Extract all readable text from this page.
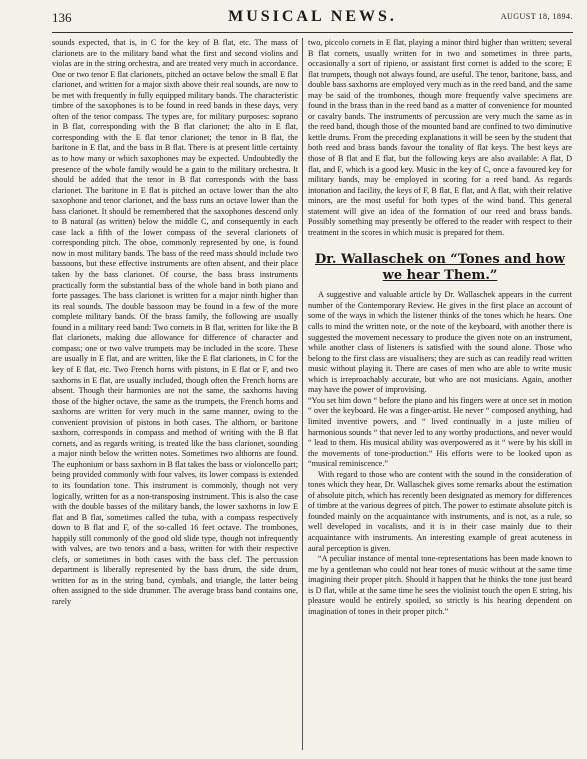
136	MUSICAL NEWS.	AUGUST 18, 1894.

sounds expected, that is, in C for the key of B flat, etc. The mass of clarionets are to the military band what the first and second violins and violas are in the string orchestra, and are treated very much in accordance. One or two tenor E flat clarionets, pitched an octave below the small E flat clarionet, and written for a major sixth above their real sounds, are now to be met with frequently in fully equipped military bands. The characteristic timbre of the saxophones is to be found in reed bands in these days, very often of the tenor compass. The types are, for military purposes: soprano in B flat, corresponding with the B flat clarionet; the alto in E flat, corresponding with the E flat tenor clarionet; the tenor in B flat, the baritone in E flat, and the bass in B flat. There is at present little certainty as to how many or which saxophones may be expected. Undoubtedly the presence of the whole family would be a gain to the military orchestra. It should be added that the tenor in B flat corresponds with the bass clarionet. The baritone in E flat is pitched an octave lower than the alto saxophone and tenor clarionet, and the bass runs an octave lower than the bass clarionet. It should be remembered that the saxophones descend only to B natural (as written) below the middle C, and consequently in each case lack a fifth of the lower compass of the several clarionets of corresponding pitch. The oboe, commonly represented by one, is found now in most military bands. The bass of the reed mass should include two bassoons, but these effective instruments are often absent, and their place taken by the bass clarionet. Of course, the bass brass instruments practically form the substantial bass of the whole band in both piano and forte passages. The bass clarionet is written for a major ninth higher than its real sounds. The double bassoon may be found in a few of the more complete military bands. Of the brass family, the following are usually found in a military reed band: Two cornets in B flat, written for like the B flat clarionets, making due allowance for difference of character and compass; one or two valve trumpets may be included in the score. These are usually in E flat, and are written, like the E flat clarionets, in C for the key of E flat, etc. Two French horns with pistons, in E flat or F, and two saxhorns in E flat, are usually included, though often the French horns are absent. Though their harmonies are not the same, the saxhorns having those of the higher octave, the same as the trumpets, the French horns and saxhorns are written for very much in the same manner, owing to the convenient provision of pistons in both cases. The althorn, or baritone saxhorn, corresponds in compass and method of writing with the B flat cornets, and as regards writing, is treated like the bass clarionet, sounding a major ninth below the written notes. Sometimes two althorns are found. The euphonium or bass saxhorn in B flat takes the bass or violoncello part; being provided commonly with four valves, its lower compass is extended to its foundation tone. This instrument is commonly, though not very logically, written for as a non-transposing instrument. This is also the case with the double basses of the military bands, the lower saxhorns in low E flat and B flat, sometimes called the tuba, with a compass respectively down to B flat and F, of the so-called 16 feet octave. The trombones, happily still commonly of the good old slide type, though not infrequently with valves, are two tenors and a bass, written for with their respective clefs, or sometimes in both cases with the bass clef. The percussion department is liberally represented by the bass drum, the side drum, written for as in the string band, cymbals, and triangle, the latter being often assigned to the side drummer. The average brass band contains one, rarely

two, piccolo cornets in E flat, playing a minor third higher than written; several B flat cornets, usually written for in two and sometimes in three parts, occasionally a sort of ripieno, or assistant first cornet is added to the score; E flat trumpets, though not always found, are useful. The tenor, baritone, bass, and double bass saxhorns are employed very much as in the reed band, and the same may be said of the trombones, though more frequently valve specimens are found in the brass than in the reed band as a matter of convenience for mounted or cavalry bands. The instruments of percussion are very much the same as in the reed band, though those of the mounted band are confined to two diminutive kettle drums. From the preceding explanations it will be seen by the student that both reed and brass bands favour the tonality of flat keys. The best keys are those of B flat and E flat, but the following keys are also available: A flat, D flat, and F, which is a good key. Music in the key of C, once a favoured key for military bands, may be employed in scoring for a reed band. As regards intonation and facility, the keys of F, B flat, E flat, and A flat, with their relative minors, are the most useful for both types of the wind band. This general statement will give an idea of the formation of our reed and brass bands. Possibly something may presently be offered to the reader with respect to their treatment in the scores in which music is prepared for them.

Dr. Wallaschek on “Tones and how we hear Them.”

A suggestive and valuable article by Dr. Wallaschek appears in the current number of the Contemporary Review. He gives in the first place an account of some of the ways in which the listener thinks of the tones which he hears. One calls to mind the written note, or the note of the keyboard, with another there is suggested the movement necessary to produce the given note on an instrument, while another class of listeners is satisfied with the sound alone. Those who belong to the first class are visualisers; they are such as can readily read written music without playing it. There are cases of men who are able to write music which is irreproachably accurate, but who are not musicians. Again, another may have the power of improvising.

“You set him down “ before the piano and his fingers were at once set in motion “ over the keyboard. He was a finger-artist. He never “ composed anything, had limited inventive powers, and “ lived continually in a juste milieu of harmonious sounds “ that never led to any worthy productions, and never would “ lead to them. His musical ability was overpowered as it “ were by his skill in the movements of tone-production.” His efforts were to be looked upon as “musical reminiscence.”

With regard to those who are content with the sound in the consideration of tones which they hear, Dr. Wallaschek gives some remarks about the estimation of absolute pitch, which has recently been designated as memory for differences of timbre at the various degrees of pitch. The power to estimate absolute pitch is founded mainly on the acquaintance with instruments, and is not, as a rule, so well developed in vocalists, and it is in their case mainly due to their acquaintance with instruments. An interesting example of great acuteness in aural perception is given.

“A peculiar instance of mental tone-representations has been made known to me by a gentleman who could not hear tones of music without at the same time imagining their proper pitch. Should it happen that he thinks the tone just heard is D flat, while at the same time he sees the violinist touch the open E string, his pleasure would be entirely spoiled, so strictly is his hearing dependent on imagination of tones in their proper pitch.”
